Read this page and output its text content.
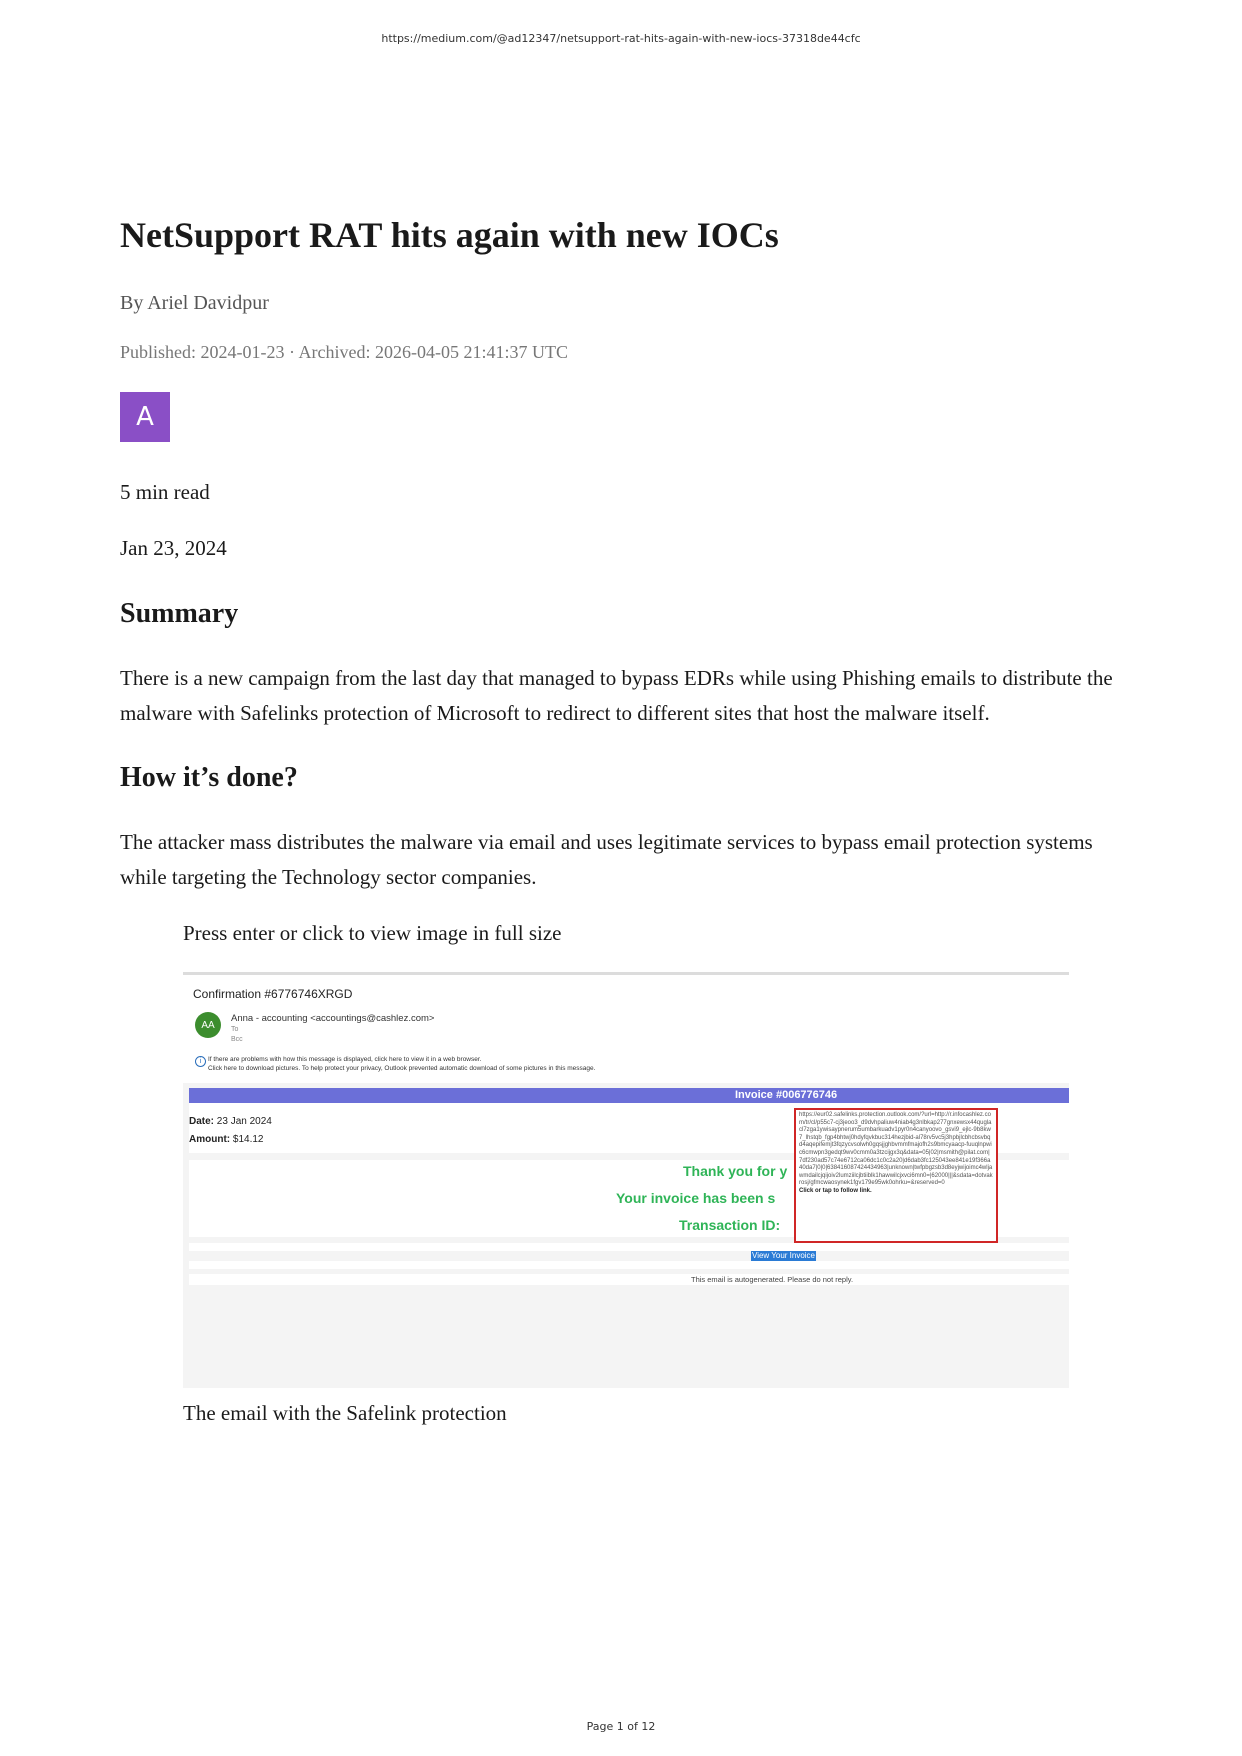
https://medium.com/@ad12347/netsupport-rat-hits-again-with-new-iocs-37318de44cfc
NetSupport RAT hits again with new IOCs
By Ariel Davidpur
Published: 2024-01-23 · Archived: 2026-04-05 21:41:37 UTC
A
5 min read
Jan 23, 2024
Summary

There is a new campaign from the last day that managed to bypass EDRs while using Phishing emails to distribute the malware with Safelinks protection of Microsoft to redirect to different sites that host the malware itself.

How it’s done?

The attacker mass distributes the malware via email and uses legitimate services to bypass email protection systems while targeting the Technology sector companies.

Press enter or click to view image in full size
The email with the Safelink protection
Confirmation #6776746XRGD
AA
Anna - accounting <accountings@cashlez.com>
To
Bcc
i	If there are problems with how this message is displayed, click here to view it in a web browser.
Click here to download pictures. To help protect your privacy, Outlook prevented automatic download of some pictures in this message.
Invoice #006776746
Date: 23 Jan 2024
Amount: $14.12
Thank you for y
Your invoice has been s
Transaction ID:
View Your Invoice
This email is autogenerated. Please do not reply.
https://eur02.safelinks.protection.outlook.com/?url=http://r.infocashlez.com/tr/cl/p55c7-cj3jeoo3_d9dvhpaliuw4niab4g3nlbkap277gnxewsx44quglacl7zga1ywisaypnerum5umbarkuadv1pyr0n4canyoovo_gsvi9_ejlc-9b8kw7_lhstqb_fgp4bhtwj0hdyfqvkbuc314hezjbid-al78rv5vc5j3hpbjlcbhcbsvbqd4aqepifemjt3fqzycvsolwh0gqsjjghbvmmfmajofh2s9bmcyaacp-fuuqlnpwic6cmwpn3gedqt9wv0cmm0a3tzcijgx3q&data=05|02|msmith@pilat.com|7df230ad57c74e6712ca06dc1c0c2a20|d6dab3fc125043ee841e19f366a40da7|0|0|638416087424434963|unknown|twfpbgzsb3d8eyjwijoimc4wljawmdailcjqijoiv2lumziilcjbtiiblk1hawwilcjxvci6mn0=|62000|||&sdata=dotvakrosj/gfmcwaosynek1fgv179e95wk0ohrku=&reserved=0
Click or tap to follow link.
Page 1 of 12
